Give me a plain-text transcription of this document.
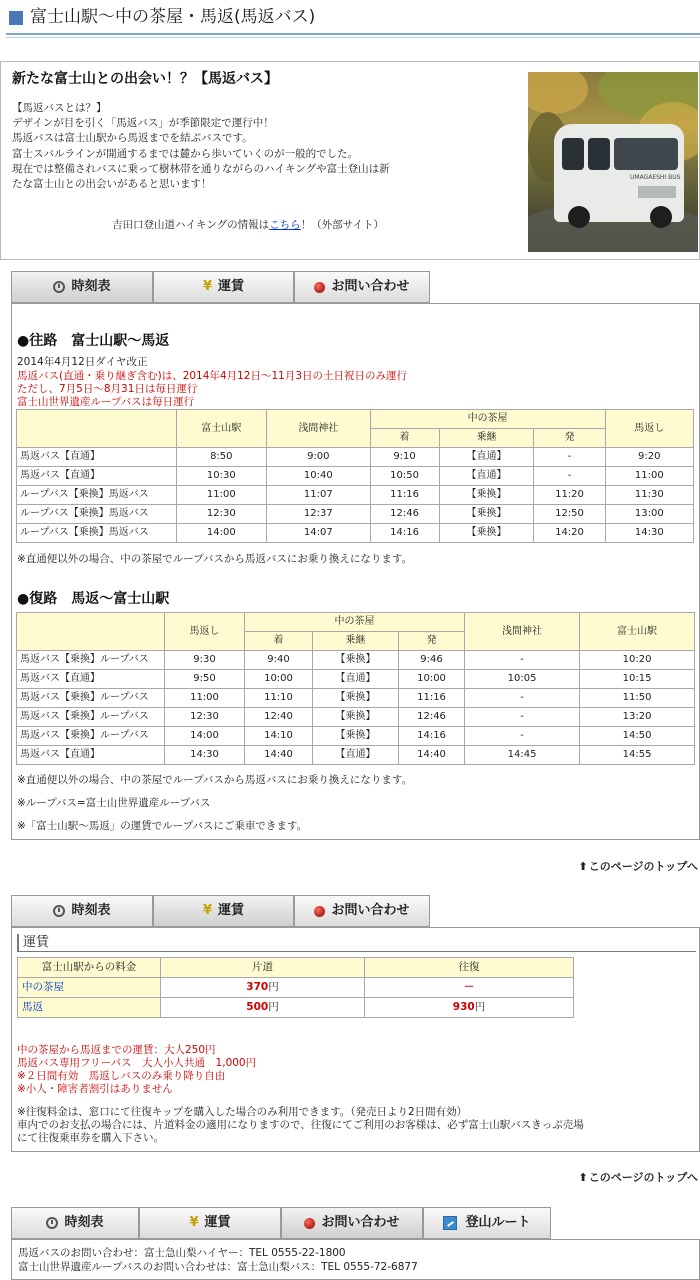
富士山駅〜中の茶屋・馬返(馬返バス)
新たな富士山との出会い！？【馬返バス】
【馬返バスとは？】
デザインが目を引く「馬返バス」が季節限定で運行中！
馬返バスは富士山駅から馬返までを結ぶバスです。
富士スバルラインが開通するまでは麓から歩いていくのが一般的でした。
現在では整備されバスに乗って樹林帯を通りながらのハイキングや富士登山は新
たな富士山との出会いがあると思います！
吉田口登山道ハイキングの情報はこちら！（外部サイト）
UMAGAESHI BUS
時刻表	¥ 運賃	お問い合わせ
●往路　富士山駅〜馬返
2014年4月12日ダイヤ改正
馬返バス(直通・乗り継ぎ含む)は、2014年4月12日〜11月3日の土日祝日のみ運行
ただし、7月5日〜8月31日は毎日運行
富士山世界遺産ループバスは毎日運行
	富士山駅	浅間神社	中の茶屋			馬返し
			着	乗継	発	
馬返バス【直通】	8:50	9:00	9:10	【直通】	-	9:20
馬返バス【直通】	10:30	10:40	10:50	【直通】	-	11:00
ループバス【乗換】馬返バス	11:00	11:07	11:16	【乗換】	11:20	11:30
ループバス【乗換】馬返バス	12:30	12:37	12:46	【乗換】	12:50	13:00
ループバス【乗換】馬返バス	14:00	14:07	14:16	【乗換】	14:20	14:30
※直通便以外の場合、中の茶屋でループバスから馬返バスにお乗り換えになります。
●復路　馬返〜富士山駅
	馬返し	中の茶屋			浅間神社	富士山駅
		着	乗継	発		
馬返バス【乗換】ループバス	9:30	9:40	【乗換】	9:46	-	10:20
馬返バス【直通】	9:50	10:00	【直通】	10:00	10:05	10:15
馬返バス【乗換】ループバス	11:00	11:10	【乗換】	11:16	-	11:50
馬返バス【乗換】ループバス	12:30	12:40	【乗換】	12:46	-	13:20
馬返バス【乗換】ループバス	14:00	14:10	【乗換】	14:16	-	14:50
馬返バス【直通】	14:30	14:40	【直通】	14:40	14:45	14:55
※直通便以外の場合、中の茶屋でループバスから馬返バスにお乗り換えになります。
※ループバス=富士山世界遺産ループバス
※「富士山駅〜馬返」の運賃でループバスにご乗車できます。
⬆このページのトップへ
時刻表	¥ 運賃	お問い合わせ
運賃
富士山駅からの料金	片道	往復
中の茶屋	370円	－
馬返	500円	930円
中の茶屋から馬返までの運賃：大人250円
馬返バス専用フリーパス　大人小人共通　1,000円
※２日間有効　馬返しバスのみ乗り降り自由
※小人・障害者割引はありません
※往復料金は、窓口にて往復キップを購入した場合のみ利用できます。（発売日より2日間有効）
車内でのお支払の場合には、片道料金の適用になりますので、往復にてご利用のお客様は、必ず富士山駅バスきっぷ売場
にて往復乗車券を購入下さい。
⬆このページのトップへ
時刻表	¥ 運賃	お問い合わせ	登山ルート
馬返バスのお問い合わせ：富士急山梨ハイヤー：TEL 0555-22-1800
富士山世界遺産ループバスのお問い合わせは：富士急山梨バス：TEL 0555-72-6877
